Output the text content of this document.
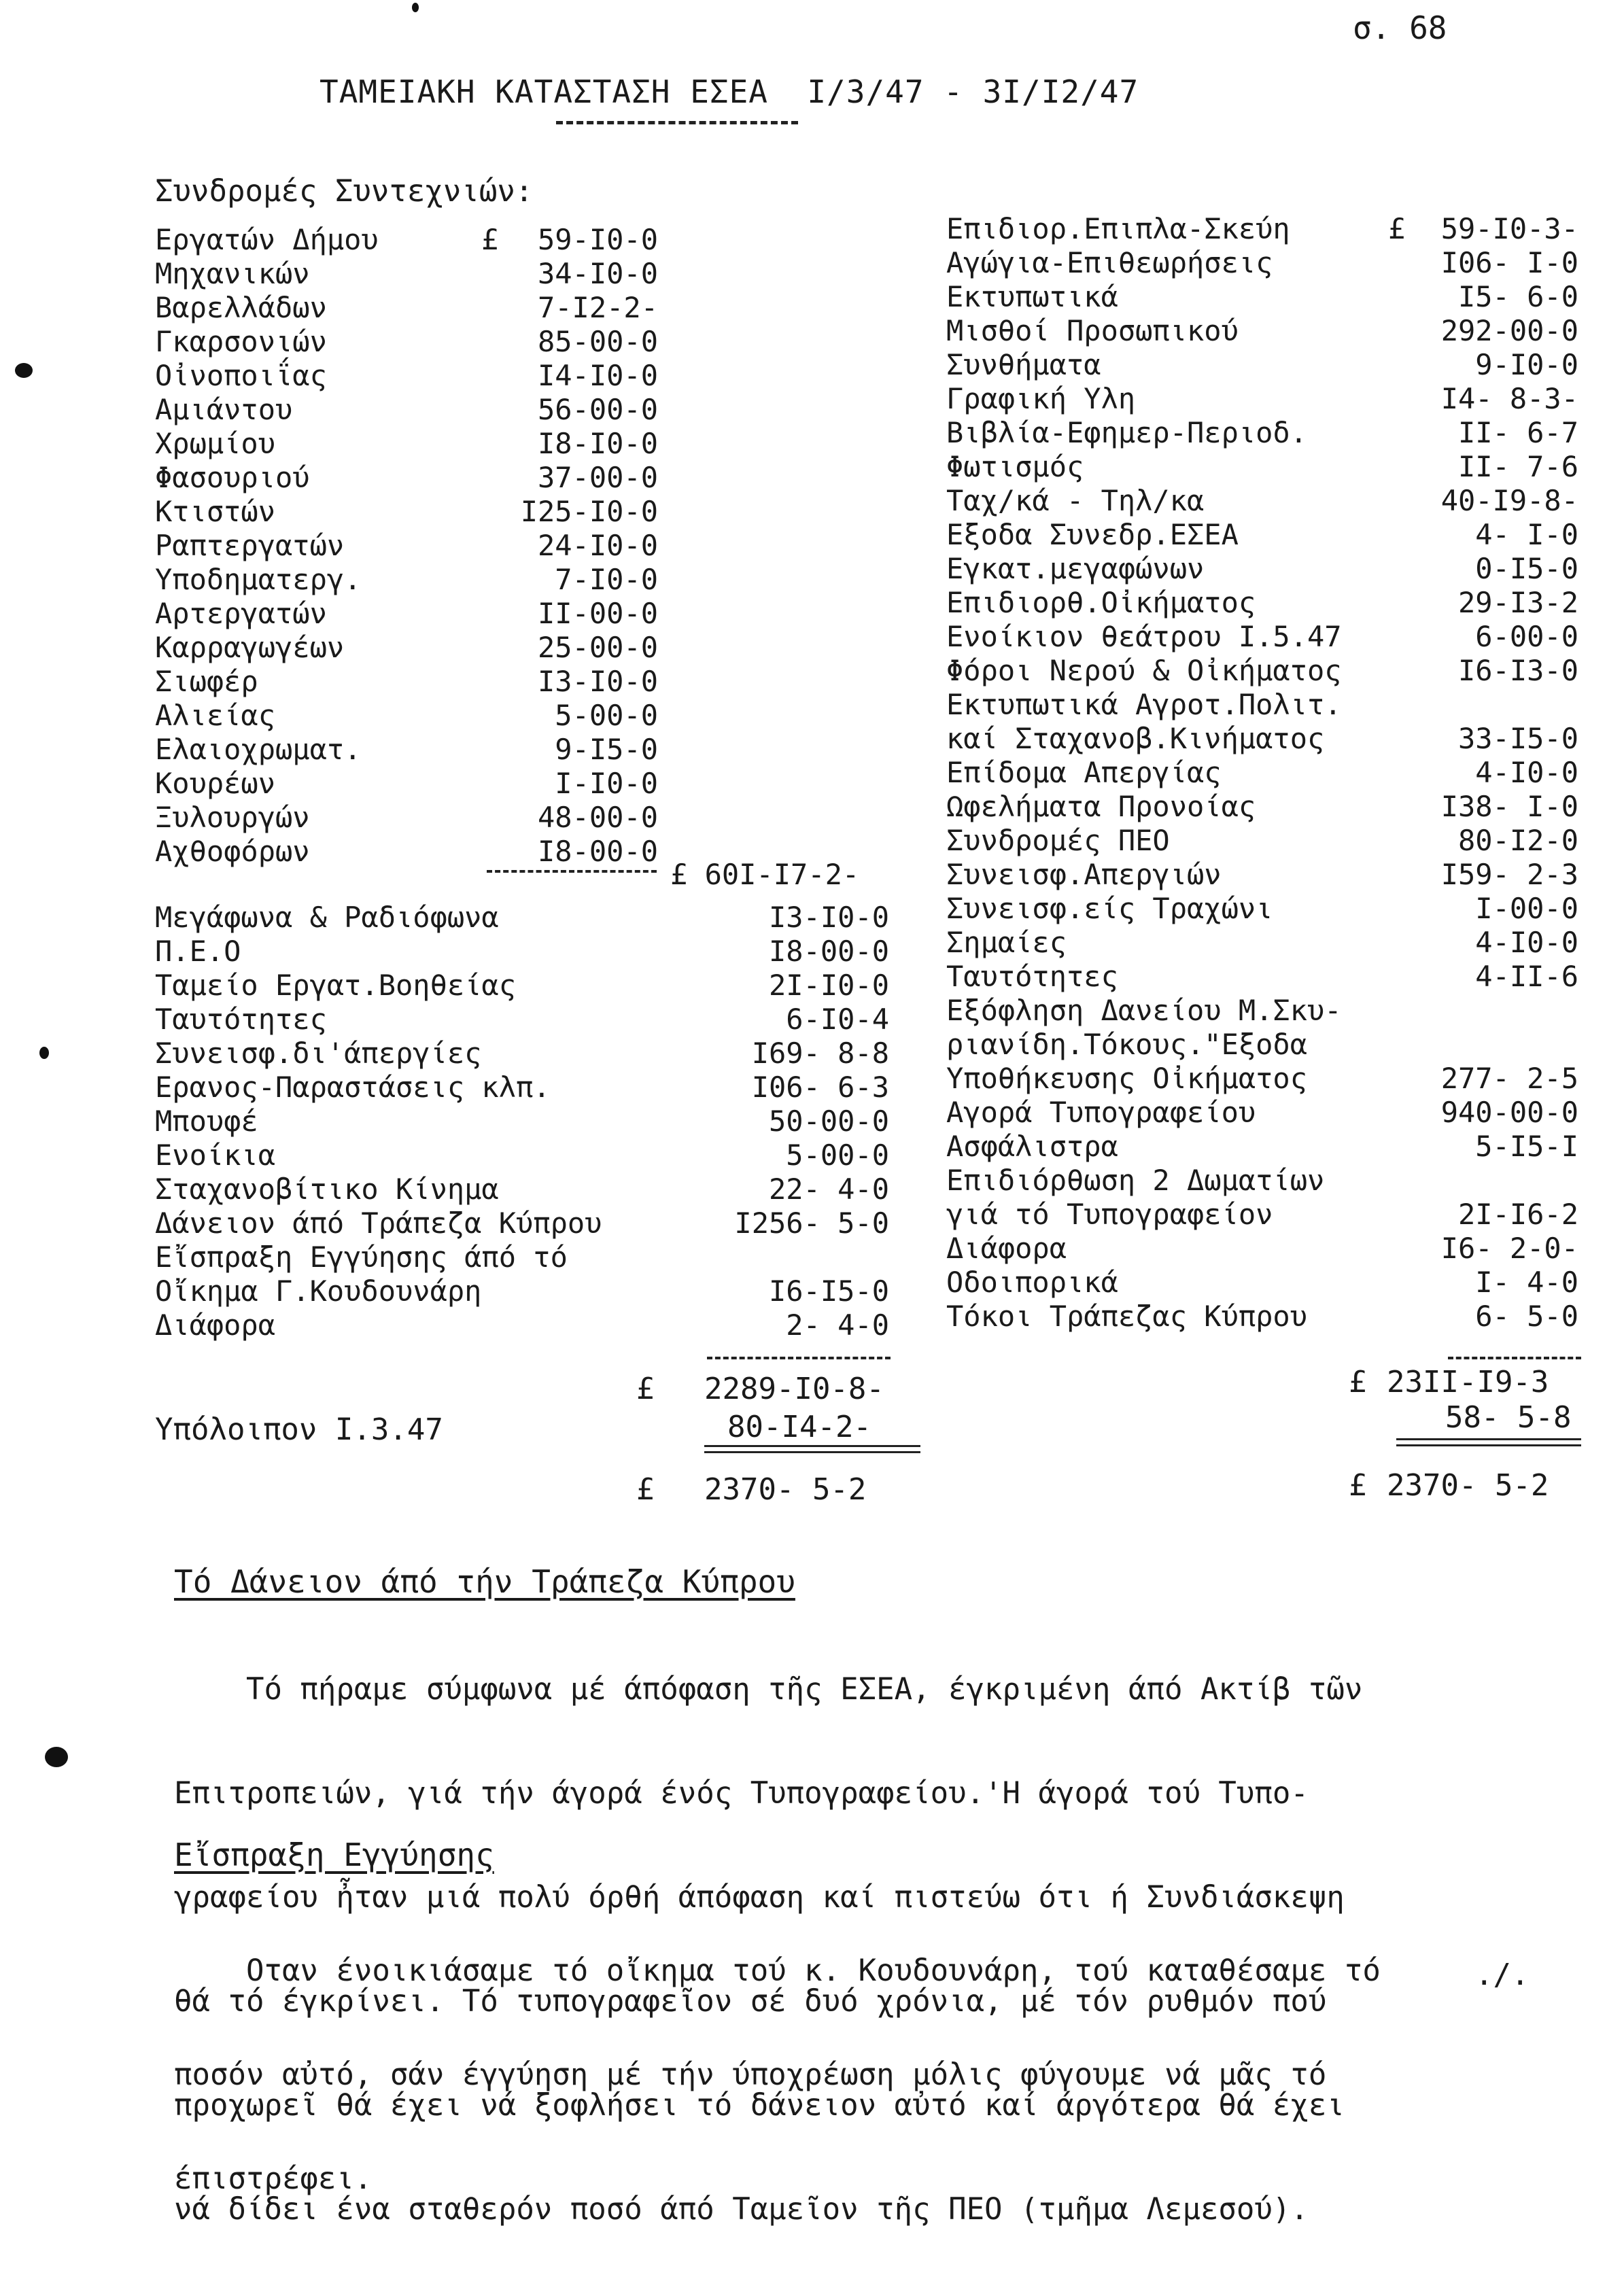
σ. 68
ΤΑΜΕΙΑΚΗ ΚΑΤΑΣΤΑΣΗ ΕΣΕΑ  I/3/47 - 3I/I2/47
Συνδρομές Συντεχνιών:
Εργατών Δήμου	£ 59-I0-0
Μηχανικών	34-I0-0
Βαρελλάδων	7-I2-2-
Γκαρσονιών	85-00-0
Οἰνοποιΐας	I4-I0-0
Αμιάντου	56-00-0
Χρωμίου	I8-I0-0
Φασουριού	37-00-0
Κτιστών	I25-I0-0
Ραπτεργατών	24-I0-0
Υποδηματεργ.	7-I0-0
Αρτεργατών	II-00-0
Καρραγωγέων	25-00-0
Σιωφέρ	I3-I0-0
Αλιείας	5-00-0
Ελαιοχρωματ.	9-I5-0
Κουρέων	I-I0-0
Ξυλουργών	48-00-0
Αχθοφόρων	I8-00-0
£ 60I-I7-2-
Μεγάφωνα & Ραδιόφωνα	I3-I0-0
Π.Ε.Ο	I8-00-0
Ταμείο Εργατ.Βοηθείας	2I-I0-0
Ταυτότητες	6-I0-4
Συνεισφ.δι'άπεργίες	I69- 8-8
Ερανος-Παραστάσεις κλπ.	I06- 6-3
Μπουφέ	50-00-0
Ενοίκια	5-00-0
Σταχανοβίτικο Κίνημα	22- 4-0
Δάνειον άπό Τράπεζα Κύπρου	I256- 5-0
Εἴσπραξη Εγγύησης άπό τό
Οἴκημα Γ.Κουδουνάρη	I6-I5-0
Διάφορα	2- 4-0
£ 2289-I0-8-
Υπόλοιπον Ι.3.47	80-I4-2-
£ 2370- 5-2
Επιδιορ.Επιπλα-Σκεύη	£ 59-I0-3-
Αγώγια-Επιθεωρήσεις	I06- I-0
Εκτυπωτικά	I5- 6-0
Μισθοί Προσωπικού	292-00-0
Συνθήματα	9-I0-0
Γραφική Υλη	I4- 8-3-
Βιβλία-Εφημερ-Περιοδ.	II- 6-7
Φωτισμός	II- 7-6
Ταχ/κά - Τηλ/κα	40-I9-8-
Εξοδα Συνεδρ.ΕΣΕΑ	4- I-0
Εγκατ.μεγαφώνων	0-I5-0
Επιδιορθ.Οἰκήματος	29-I3-2
Ενοίκιον θεάτρου Ι.5.47	6-00-0
Φόροι Νερού & Οἰκήματος	I6-I3-0
Εκτυπωτικά Αγροτ.Πολιτ.
καί Σταχανοβ.Κινήματος	33-I5-0
Επίδομα Απεργίας	4-I0-0
Ωφελήματα Προνοίας	I38- I-0
Συνδρομές ΠΕΟ	80-I2-0
Συνεισφ.Απεργιών	I59- 2-3
Συνεισφ.είς Τραχώνι	I-00-0
Σημαίες	4-I0-0
Ταυτότητες	4-II-6
Εξόφληση Δανείου Μ.Σκυ-
ριανίδη.Τόκους."Εξοδα
Υποθήκευσης Οἰκήματος	277- 2-5
Αγορά Τυπογραφείου	940-00-0
Ασφάλιστρα	5-I5-I
Επιδιόρθωση 2 Δωματίων
γιά τό Τυπογραφείον	2I-I6-2
Διάφορα	I6- 2-0-
Οδοιπορικά	I- 4-0
Τόκοι Τράπεζας Κύπρου	6- 5-0
£ 23II-I9-3
58- 5-8
£ 2370- 5-2
Τό Δάνειον άπό τήν Τράπεζα Κύπρου

Τό πήραμε σύμφωνα μέ άπόφαση τῆς ΕΣΕΑ, έγκριμένη άπό Ακτίβ τῶν

Επιτροπειών, γιά τήν άγορά ένός Τυπογραφείου.'Η άγορά τού Τυπο-

γραφείου ἦταν μιά πολύ όρθή άπόφαση καί πιστεύω ότι ή Συνδιάσκεψη

θά τό έγκρίνει. Τό τυπογραφεῖον σέ δυό χρόνια, μέ τόν ρυθμόν πού

προχωρεῖ θά έχει νά ξοφλήσει τό δάνειον αὐτό καί άργότερα θά έχει

νά δίδει ένα σταθερόν ποσό άπό Ταμεῖον τῆς ΠΕΟ (τμῆμα Λεμεσού).

Εἴσπραξη Εγγύησης

Οταν ένοικιάσαμε τό οἴκημα τού κ. Κουδουνάρη, τού καταθέσαμε τό

ποσόν αὐτό, σάν έγγύηση μέ τήν ύποχρέωση μόλις φύγουμε νά μᾶς τό

έπιστρέφει.

./.
